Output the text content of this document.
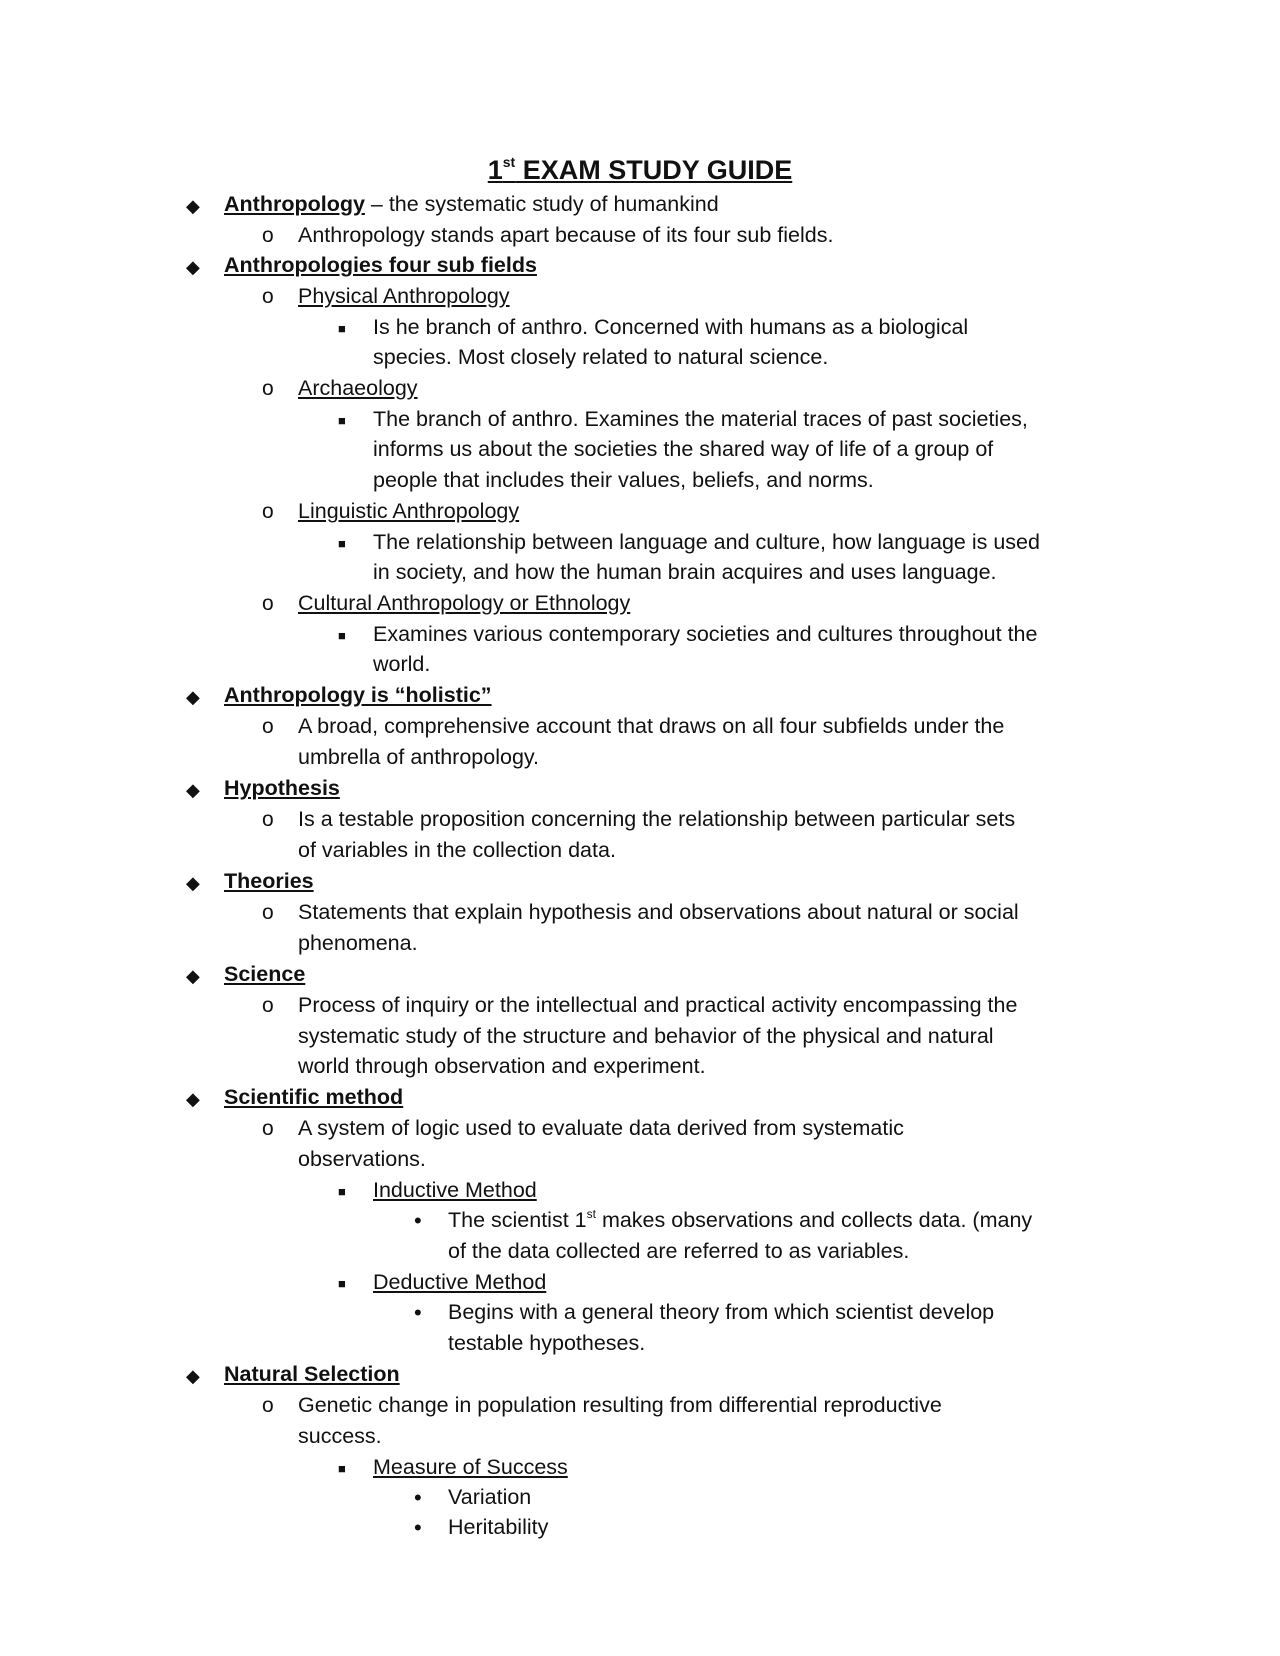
1st EXAM STUDY GUIDE
◆ Anthropology – the systematic study of humankind
o Anthropology stands apart because of its four sub fields.
◆ Anthropologies four sub fields
o Physical Anthropology
■ Is he branch of anthro. Concerned with humans as a biological
species. Most closely related to natural science.
o Archaeology
■ The branch of anthro. Examines the material traces of past societies,
informs us about the societies the shared way of life of a group of
people that includes their values, beliefs, and norms.
o Linguistic Anthropology
■ The relationship between language and culture, how language is used
in society, and how the human brain acquires and uses language.
o Cultural Anthropology or Ethnology
■ Examines various contemporary societies and cultures throughout the
world.
◆ Anthropology is “holistic”
o A broad, comprehensive account that draws on all four subfields under the
umbrella of anthropology.
◆ Hypothesis
o Is a testable proposition concerning the relationship between particular sets
of variables in the collection data.
◆ Theories
o Statements that explain hypothesis and observations about natural or social
phenomena.
◆ Science
o Process of inquiry or the intellectual and practical activity encompassing the
systematic study of the structure and behavior of the physical and natural
world through observation and experiment.
◆ Scientific method
o A system of logic used to evaluate data derived from systematic
observations.
■ Inductive Method
• The scientist 1st makes observations and collects data. (many
of the data collected are referred to as variables.
■ Deductive Method
• Begins with a general theory from which scientist develop
testable hypotheses.
◆ Natural Selection
o Genetic change in population resulting from differential reproductive
success.
■ Measure of Success
• Variation
• Heritability
